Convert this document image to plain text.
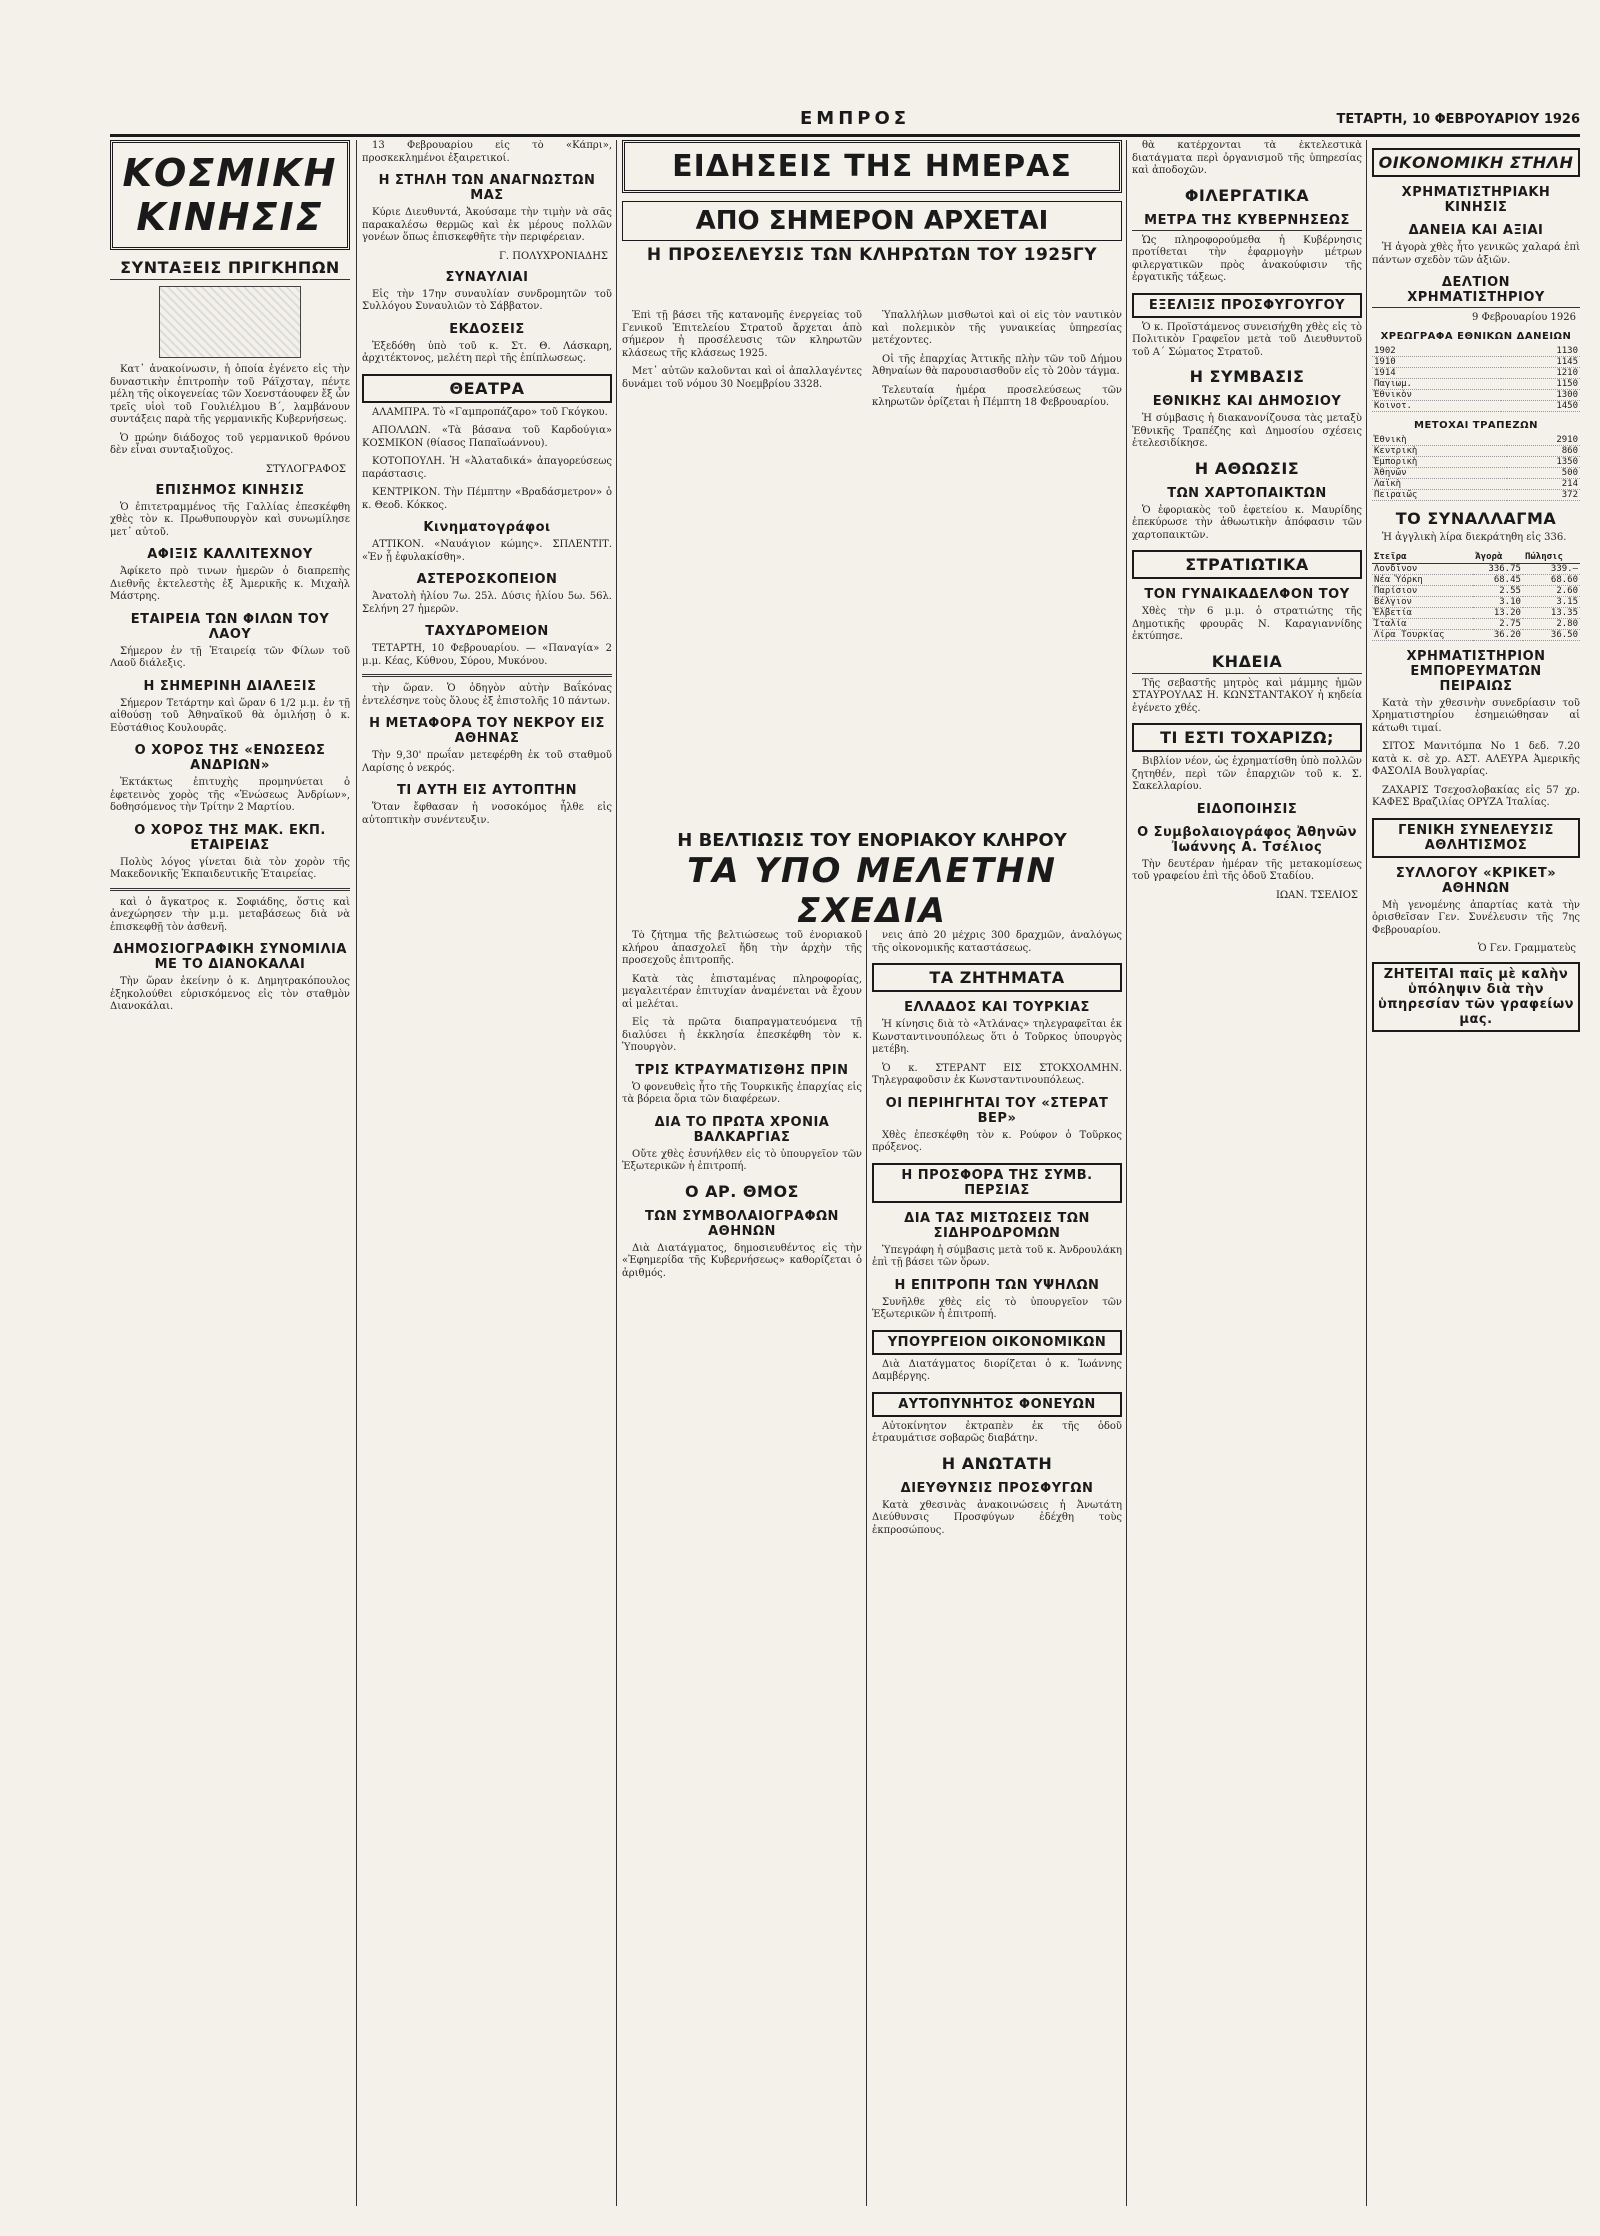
ΕΜΠΡΟΣ	ΤΕΤΑΡΤΗ, 10 ΦΕΒΡΟΥΑΡΙΟΥ 1926
ΚΟΣΜΙΚΗ ΚΙΝΗΣΙΣ
ΣΥΝΤΑΞΕΙΣ ΠΡΙΓΚΗΠΩΝ

Κατ᾽ ἀνακοίνωσιν, ἡ ὁποία ἐγένετο εἰς τὴν δυναστικὴν ἐπιτροπὴν τοῦ Ράϊχσταγ, πέντε μέλη τῆς οἰκογενείας τῶν Χοενστάουφεν ἔξ ὧν τρεῖς υἱοὶ τοῦ Γουλιέλμου Β΄, λαμβάνουν συντάξεις παρὰ τῆς γερμανικῆς Κυβερνήσεως.

Ὁ πρώην διάδοχος τοῦ γερμανικοῦ θρόνου δὲν εἶναι συνταξιοῦχος.

ΣΤΥΛΟΓΡΑΦΟΣ
ΕΠΙΣΗΜΟΣ ΚΙΝΗΣΙΣ

Ὁ ἐπιτετραμμένος τῆς Γαλλίας ἐπεσκέφθη χθὲς τὸν κ. Πρωθυπουργὸν καὶ συνωμίλησε μετ᾽ αὐτοῦ.

ΑΦΙΞΙΣ ΚΑΛΛΙΤΕΧΝΟΥ

Ἀφίκετο πρὸ τινων ἡμερῶν ὁ διαπρεπὴς Διεθνῆς ἐκτελεστὴς ἐξ Ἀμερικῆς κ. Μιχαὴλ Μάστρης.

ΕΤΑΙΡΕΙΑ ΤΩΝ ΦΙΛΩΝ ΤΟΥ ΛΑΟΥ

Σήμερον ἐν τῇ Ἑταιρείᾳ τῶν Φίλων τοῦ Λαοῦ διάλεξις.

Η ΣΗΜΕΡΙΝΗ ΔΙΑΛΕΞΙΣ

Σήμερον Τετάρτην καὶ ὥραν 6 1/2 μ.μ. ἐν τῇ αἰθούσῃ τοῦ Ἀθηναϊκοῦ θὰ ὁμιλήσῃ ὁ κ. Εὐστάθιος Κουλουρᾶς.

Ο ΧΟΡΟΣ ΤΗΣ «ΕΝΩΣΕΩΣ ΑΝΔΡΙΩΝ»

Ἐκτάκτως ἐπιτυχὴς προμηνύεται ὁ ἐφετεινὸς χορὸς τῆς «Ἑνώσεως Ἀνδρίων», δοθησόμενος τὴν Τρίτην 2 Μαρτίου.

Ο ΧΟΡΟΣ ΤΗΣ ΜΑΚ. ΕΚΠ. ΕΤΑΙΡΕΙΑΣ

Πολὺς λόγος γίνεται διὰ τὸν χορὸν τῆς Μακεδονικῆς Ἐκπαιδευτικῆς Ἑταιρείας.

καὶ ὁ ἄγκατρος κ. Σοφιάδης, ὅστις καὶ ἀνεχώρησεν τὴν μ.μ. μεταβάσεως διὰ νὰ ἐπισκεφθῇ τὸν ἀσθενῆ.

ΔΗΜΟΣΙΟΓΡΑΦΙΚΗ ΣΥΝΟΜΙΛΙΑ ΜΕ ΤΟ ΔΙΑΝΟΚΑΛΑΙ

Τὴν ὥραν ἐκείνην ὁ κ. Δημητρακόπουλος ἐξηκολούθει εὑρισκόμενος εἰς τὸν σταθμὸν Διανοκάλαι.

13 Φεβρουαρίου εἰς τὸ «Κάπρι», προσκεκλημένοι ἐξαιρετικοί.

Η ΣΤΗΛΗ ΤΩΝ ΑΝΑΓΝΩΣΤΩΝ ΜΑΣ

Κύριε Διευθυντά, Ἀκούσαμε τὴν τιμὴν νὰ σᾶς παρακαλέσω θερμῶς καὶ ἐκ μέρους πολλῶν γονέων ὅπως ἐπισκεφθῆτε τὴν περιφέρειαν.

Γ. ΠΟΛΥΧΡΟΝΙΑΔΗΣ
ΣΥΝΑΥΛΙΑΙ

Εἰς τὴν 17ην συναυλίαν συνδρομητῶν τοῦ Συλλόγου Συναυλιῶν τὸ Σάββατον.

ΕΚΔΟΣΕΙΣ

Ἐξεδόθη ὑπὸ τοῦ κ. Στ. Θ. Λάσκαρη, ἀρχιτέκτονος, μελέτη περὶ τῆς ἐπίπλωσεως.

ΘΕΑΤΡΑ

ΑΛΑΜΠΡΑ. Τὸ «Γαμπροπάζαρο» τοῦ Γκόγκου.

ΑΠΟΛΛΩΝ. «Τὰ βάσανα τοῦ Καρδούγια» ΚΟΣΜΙΚΟΝ (θίασος Παπαϊωάννου).

ΚΟΤΟΠΟΥΛΗ. Ἡ «Ἀλαταδικά» ἀπαγορεύσεως παράστασις.

ΚΕΝΤΡΙΚΟΝ. Τὴν Πέμπτην «Βραδάσμετρον» ὁ κ. Θεοδ. Κόκκος.

Κινηματογράφοι

ΑΤΤΙΚΟΝ. «Ναυάγιον κώμης». ΣΠΛΕΝΤΙΤ. «Ἐν ᾗ ἐφυλακίσθη».

ΑΣΤΕΡΟΣΚΟΠΕΙΟΝ

Ἀνατολὴ ἡλίου 7ω. 25λ. Δύσις ἡλίου 5ω. 56λ. Σελήνη 27 ἡμερῶν.

ΤΑΧΥΔΡΟΜΕΙΟΝ

ΤΕΤΑΡΤΗ, 10 Φεβρουαρίου. — «Παναγία» 2 μ.μ. Κέας, Κύθνου, Σύρου, Μυκόνου.

τὴν ὥραν. Ὁ ὁδηγὸν αὐτὴν Βαΐκόνας ἐντελέσηνε τοὺς ὅλους ἐξ ἐπιστολῆς 10 πάντων.

Η ΜΕΤΑΦΟΡΑ ΤΟΥ ΝΕΚΡΟΥ ΕΙΣ ΑΘΗΝΑΣ

Τὴν 9,30' πρωΐαν μετεφέρθη ἐκ τοῦ σταθμοῦ Λαρίσης ὁ νεκρός.

ΤΙ ΑΥΤΗ ΕΙΣ ΑΥΤΟΠΤΗΝ

Ὅταν ἔφθασαν ἡ νοσοκόμος ἦλθε εἰς αὐτοπτικὴν συνέντευξιν.

ΕΙΔΗΣΕΙΣ ΤΗΣ ΗΜΕΡΑΣ
ΑΠΟ ΣΗΜΕΡΟΝ ΑΡΧΕΤΑΙ
Η ΠΡΟΣΕΛΕΥΣΙΣ ΤΩΝ ΚΛΗΡΩΤΩΝ ΤΟΥ 1925ΓΥ

Ἐπὶ τῇ βάσει τῆς κατανομῆς ἐνεργείας τοῦ Γενικοῦ Ἐπιτελείου Στρατοῦ ἄρχεται ἀπὸ σήμερον ἡ προσέλευσις τῶν κληρωτῶν κλάσεως τῆς κλάσεως 1925.

Μετ᾽ αὐτῶν καλοῦνται καὶ οἱ ἀπαλλαγέντες δυνάμει τοῦ νόμου 30 Νοεμβρίου 3328.

Ὑπαλλήλων μισθωτοὶ καὶ οἱ εἰς τὸν ναυτικὸν καὶ πολεμικὸν τῆς γυναικείας ὑπηρεσίας μετέχοντες.

Οἱ τῆς ἐπαρχίας Ἀττικῆς πλὴν τῶν τοῦ Δήμου Ἀθηναίων θὰ παρουσιασθοῦν εἰς τὸ 20ὸν τάγμα.

Τελευταία ἡμέρα προσελεύσεως τῶν κληρωτῶν ὁρίζεται ἡ Πέμπτη 18 Φεβρουαρίου.

Η ΒΕΛΤΙΩΣΙΣ ΤΟΥ ΕΝΟΡΙΑΚΟΥ ΚΛΗΡΟΥ
ΤΑ ΥΠΟ ΜΕΛΕΤΗΝ ΣΧΕΔΙΑ

Τὸ ζήτημα τῆς βελτιώσεως τοῦ ἐνοριακοῦ κλήρου ἀπασχολεῖ ἤδη τὴν ἀρχὴν τῆς προσεχοῦς ἐπιτροπῆς.

Κατὰ τὰς ἐπισταμένας πληροφορίας, μεγαλειτέραν ἐπιτυχίαν ἀναμένεται νὰ ἔχουν αἱ μελέται.

Εἰς τὰ πρῶτα διαπραγματευόμενα τῇ διαλύσει ἡ ἐκκλησία ἐπεσκέφθη τὸν κ. Ὑπουργὸν.

ΤΡΙΣ ΚΤΡΑΥΜΑΤΙΣΘΗΣ ΠΡΙΝ

Ὁ φονευθεὶς ἦτο τῆς Τουρκικῆς ἐπαρχίας εἰς τὰ βόρεια ὅρια τῶν διαφέρεων.

ΔΙΑ ΤΟ ΠΡΩΤΑ ΧΡΟΝΙΑ ΒΑΛΚΑΡΓΙΑΣ

Οὔτε χθὲς ἐσυνήλθεν εἰς τὸ ὑπουργεῖον τῶν Ἐξωτερικῶν ἡ ἐπιτροπή.

Ο ΑΡ. ΘΜΟΣ
ΤΩΝ ΣΥΜΒΟΛΑΙΟΓΡΑΦΩΝ ΑΘΗΝΩΝ

Διὰ Διατάγματος, δημοσιευθέντος εἰς τὴν «Ἐφημερίδα τῆς Κυβερνήσεως» καθορίζεται ὁ ἀριθμός.

νεις ἀπὸ 20 μέχρις 300 δραχμῶν, ἀναλόγως τῆς οἰκονομικῆς καταστάσεως.

ΤΑ ΖΗΤΗΜΑΤΑ
ΕΛΛΑΔΟΣ ΚΑΙ ΤΟΥΡΚΙΑΣ

Ἡ κίνησις διὰ τὸ «Ἀτλάνας» τηλεγραφεῖται ἐκ Κωνσταντινουπόλεως ὅτι ὁ Τοῦρκος ὑπουργὸς μετέβη.

Ὁ κ. ΣΤΕΡΑΝΤ ΕΙΣ ΣΤΟΚΧΟΛΜΗΝ. Τηλεγραφοῦσιν ἐκ Κωνσταντινουπόλεως.

ΟΙ ΠΕΡΙΗΓΗΤΑΙ ΤΟΥ «ΣΤΕΡΑΤ ΒΕΡ»

Χθὲς ἐπεσκέφθη τὸν κ. Ρούφον ὁ Τοῦρκος πρόξενος.

Η ΠΡΟΣΦΟΡΑ ΤΗΣ ΣΥΜΒ. ΠΕΡΣΙΑΣ
ΔΙΑ ΤΑΣ ΜΙΣΤΩΣΕΙΣ ΤΩΝ ΣΙΔΗΡΟΔΡΟΜΩΝ

Ὑπεγράφη ἡ σύμβασις μετὰ τοῦ κ. Ἀνδρουλάκη ἐπὶ τῇ βάσει τῶν ὅρων.

Η ΕΠΙΤΡΟΠΗ ΤΩΝ ΥΨΗΛΩΝ

Συνῆλθε χθὲς εἰς τὸ ὑπουργεῖον τῶν Ἐξωτερικῶν ἡ ἐπιτροπή.

ΥΠΟΥΡΓΕΙΟΝ ΟΙΚΟΝΟΜΙΚΩΝ

Διὰ Διατάγματος διορίζεται ὁ κ. Ἰωάννης Δαμβέργης.

ΑΥΤΟΠΥΝΗΤΟΣ ΦΟΝΕΥΩΝ

Αὐτοκίνητον ἐκτραπὲν ἐκ τῆς ὁδοῦ ἐτραυμάτισε σοβαρῶς διαβάτην.

Η ΑΝΩΤΑΤΗ
ΔΙΕΥΘΥΝΣΙΣ ΠΡΟΣΦΥΓΩΝ

Κατὰ χθεσινὰς ἀνακοινώσεις ἡ Ἀνωτάτη Διεύθυνσις Προσφύγων ἐδέχθη τοὺς ἐκπροσώπους.

θὰ κατέρχονται τὰ ἐκτελεστικὰ διατάγματα περὶ ὀργανισμοῦ τῆς ὑπηρεσίας καὶ ἀποδοχῶν.

ΦΙΛΕΡΓΑΤΙΚΑ
ΜΕΤΡΑ ΤΗΣ ΚΥΒΕΡΝΗΣΕΩΣ

Ὡς πληροφορούμεθα ἡ Κυβέρνησις προτίθεται τὴν ἐφαρμογὴν μέτρων φιλεργατικῶν πρὸς ἀνακούφισιν τῆς ἐργατικῆς τάξεως.

ΕΞΕΛΙΞΙΣ ΠΡΟΣΦΥΓΟΥΓΟΥ

Ὁ κ. Προϊστάμενος συνεισήχθη χθὲς εἰς τὸ Πολιτικὸν Γραφεῖον μετὰ τοῦ Διευθυντοῦ τοῦ Α΄ Σώματος Στρατοῦ.

Η ΣΥΜΒΑΣΙΣ
ΕΘΝΙΚΗΣ ΚΑΙ ΔΗΜΟΣΙΟΥ

Ἡ σύμβασις ἡ διακανονίζουσα τὰς μεταξὺ Ἐθνικῆς Τραπέζης καὶ Δημοσίου σχέσεις ἐτελεσιδίκησε.

Η ΑΘΩΩΣΙΣ
ΤΩΝ ΧΑΡΤΟΠΑΙΚΤΩΝ

Ὁ ἐφοριακὸς τοῦ ἐφετείου κ. Μαυρίδης ἐπεκύρωσε τὴν ἀθωωτικὴν ἀπόφασιν τῶν χαρτοπαικτῶν.

ΣΤΡΑΤΙΩΤΙΚΑ
ΤΟΝ ΓΥΝΑΙΚΑΔΕΛΦΟΝ ΤΟΥ

Χθὲς τὴν 6 μ.μ. ὁ στρατιώτης τῆς Δημοτικῆς φρουρᾶς Ν. Καραγιαννίδης ἐκτύπησε.

ΚΗΔΕΙΑ

Τῆς σεβαστῆς μητρὸς καὶ μάμμης ἡμῶν ΣΤΑΥΡΟΥΛΑΣ Η. ΚΩΝΣΤΑΝΤΑΚΟΥ ἡ κηδεία ἐγένετο χθές.

ΤΙ ΕΣΤΙ ΤΟΧΑΡΙΖΩ;

Βιβλίον νέον, ὡς ἐχρηματίσθη ὑπὸ πολλῶν ζητηθέν, περὶ τῶν ἐπαρχιῶν τοῦ κ. Σ. Σακελλαρίου.

ΕΙΔΟΠΟΙΗΣΙΣ
Ο Συμβολαιογράφος Ἀθηνῶν Ἰωάννης Α. Τσέλιος

Τὴν δευτέραν ἡμέραν τῆς μετακομίσεως τοῦ γραφείου ἐπὶ τῆς ὁδοῦ Σταδίου.

ΙΩΑΝ. ΤΣΕΛΙΟΣ
ΟΙΚΟΝΟΜΙΚΗ ΣΤΗΛΗ
ΧΡΗΜΑΤΙΣΤΗΡΙΑΚΗ ΚΙΝΗΣΙΣ
ΔΑΝΕΙΑ ΚΑΙ ΑΞΙΑΙ

Ἡ ἀγορὰ χθὲς ἦτο γενικῶς χαλαρά ἐπὶ πάντων σχεδὸν τῶν ἀξιῶν.

ΔΕΛΤΙΟΝ ΧΡΗΜΑΤΙΣΤΗΡΙΟΥ
9 Φεβρουαρίου 1926
ΧΡΕΩΓΡΑΦΑ ΕΘΝΙΚΩΝ ΔΑΝΕΙΩΝ
1902	1130
1910	1145
1914	1210
Παγιωμ.	1150
Ἐθνικὸν	1300
Κοινοτ.	1450
ΜΕΤΟΧΑΙ ΤΡΑΠΕΖΩΝ
Ἐθνικὴ	2910
Κεντρικὴ	860
Ἐμπορικὴ	1350
Ἀθηνῶν	500
Λαϊκὴ	214
Πειραιῶς	372
ΤΟ ΣΥΝΑΛΛΑΓΜΑ

Ἡ ἀγγλικὴ λίρα διεκράτηθη εἰς 336.

Στεῖρα	Ἀγορὰ	Πώλησις
Λονδῖνον	336.75	339.—
Νέα Ὑόρκη	68.45	68.60
Παρίσιον	2.55	2.60
Βέλγιον	3.10	3.15
Ἑλβετία	13.20	13.35
Ἰταλία	2.75	2.80
Λίρα Τουρκίας	36.20	36.50
ΧΡΗΜΑΤΙΣΤΗΡΙΟΝ ΕΜΠΟΡΕΥΜΑΤΩΝ ΠΕΙΡΑΙΩΣ

Κατὰ τὴν χθεσινὴν συνεδρίασιν τοῦ Χρηματιστηρίου ἐσημειώθησαν αἱ κάτωθι τιμαί.

ΣΙΤΟΣ Μανιτόμπα Νο 1 δεδ. 7.20 κατὰ κ. σὲ χρ. ΑΣΤ. ΑΛΕΥΡΑ Ἀμερικῆς ΦΑΣΟΛΙΑ Βουλγαρίας.

ΖΑΧΑΡΙΣ Τσεχοσλοβακίας εἰς 57 χρ. ΚΑΦΕΣ Βραζιλίας ΟΡΥΖΑ Ἰταλίας.

ΓΕΝΙΚΗ ΣΥΝΕΛΕΥΣΙΣ ΑΘΛΗΤΙΣΜΟΣ
ΣΥΛΛΟΓΟΥ «ΚΡΙΚΕΤ» ΑΘΗΝΩΝ

Μὴ γενομένης ἀπαρτίας κατὰ τὴν ὁρισθεῖσαν Γεν. Συνέλευσιν τῆς 7ης Φεβρουαρίου.

Ὁ Γεν. Γραμματεὺς
ΖΗΤΕΙΤΑΙ παῖς μὲ καλὴν ὑπόληψιν διὰ τὴν ὑπηρεσίαν τῶν γραφείων μας.
